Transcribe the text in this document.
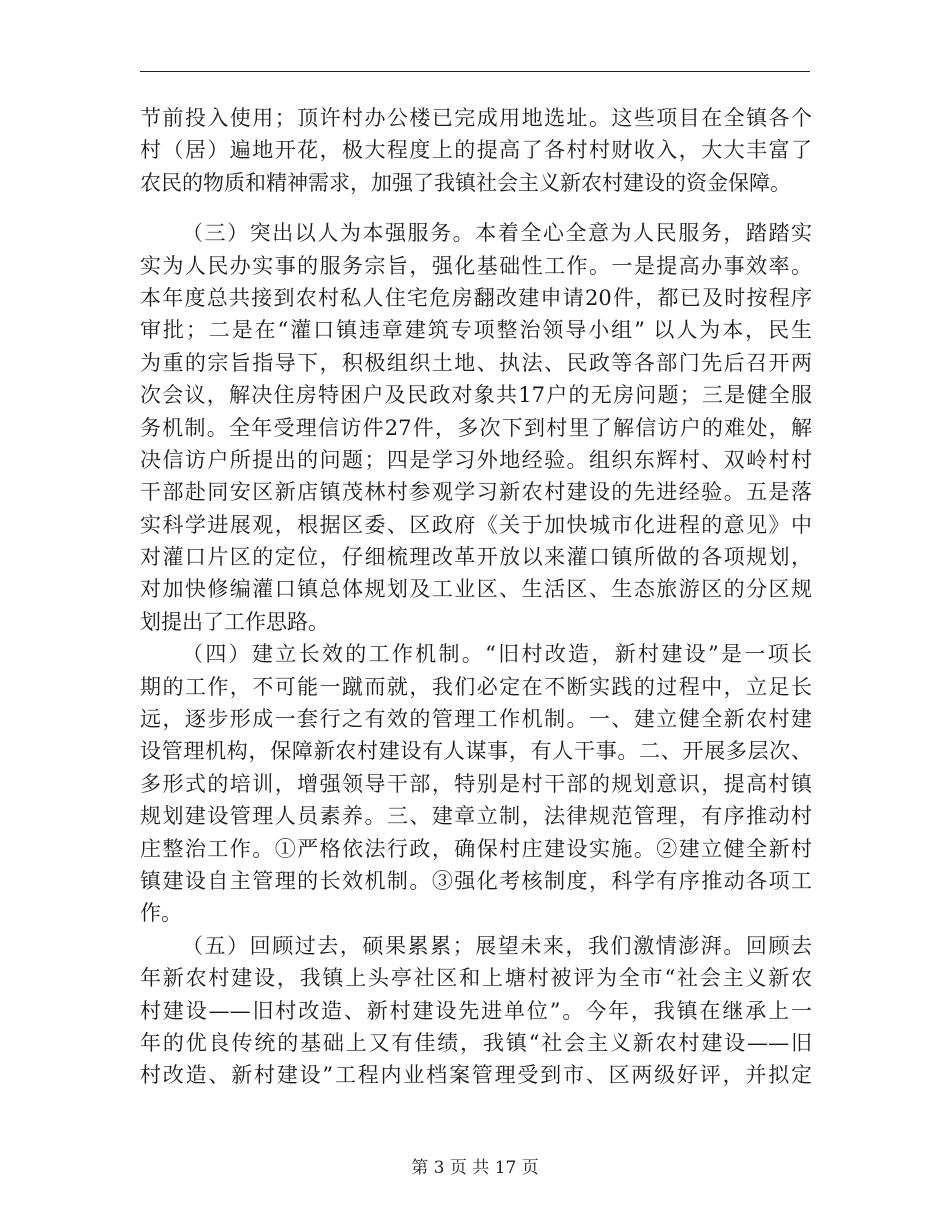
节前投入使用；顶许村办公楼已完成用地选址。这些项目在全镇各个
村（居）遍地开花，极大程度上的提高了各村村财收入，大大丰富了
农民的物质和精神需求，加强了我镇社会主义新农村建设的资金保障。
（三）突出以人为本强服务。本着全心全意为人民服务，踏踏实
实为人民办实事的服务宗旨，强化基础性工作。一是提高办事效率。
本年度总共接到农村私人住宅危房翻改建申请20件，都已及时按程序
审批；二是在“灌口镇违章建筑专项整治领导小组” 以人为本，民生
为重的宗旨指导下，积极组织土地、执法、民政等各部门先后召开两
次会议，解决住房特困户及民政对象共17户的无房问题；三是健全服
务机制。全年受理信访件27件，多次下到村里了解信访户的难处，解
决信访户所提出的问题；四是学习外地经验。组织东辉村、双岭村村
干部赴同安区新店镇茂林村参观学习新农村建设的先进经验。五是落
实科学进展观，根据区委、区政府《关于加快城市化进程的意见》中
对灌口片区的定位，仔细梳理改革开放以来灌口镇所做的各项规划，
对加快修编灌口镇总体规划及工业区、生活区、生态旅游区的分区规
划提出了工作思路。
（四）建立长效的工作机制。“旧村改造，新村建设”是一项长
期的工作，不可能一蹴而就，我们必定在不断实践的过程中，立足长
远，逐步形成一套行之有效的管理工作机制。一、建立健全新农村建
设管理机构，保障新农村建设有人谋事，有人干事。二、开展多层次、
多形式的培训，增强领导干部，特别是村干部的规划意识，提高村镇
规划建设管理人员素养。三、建章立制，法律规范管理，有序推动村
庄整治工作。①严格依法行政，确保村庄建设实施。②建立健全新村
镇建设自主管理的长效机制。③强化考核制度，科学有序推动各项工
作。
（五）回顾过去，硕果累累；展望未来，我们激情澎湃。回顾去
年新农村建设，我镇上头亭社区和上塘村被评为全市“社会主义新农
村建设——旧村改造、新村建设先进单位”。今年，我镇在继承上一
年的优良传统的基础上又有佳绩，我镇“社会主义新农村建设——旧
村改造、新村建设”工程内业档案管理受到市、区两级好评，并拟定
第 3 页 共 17 页
